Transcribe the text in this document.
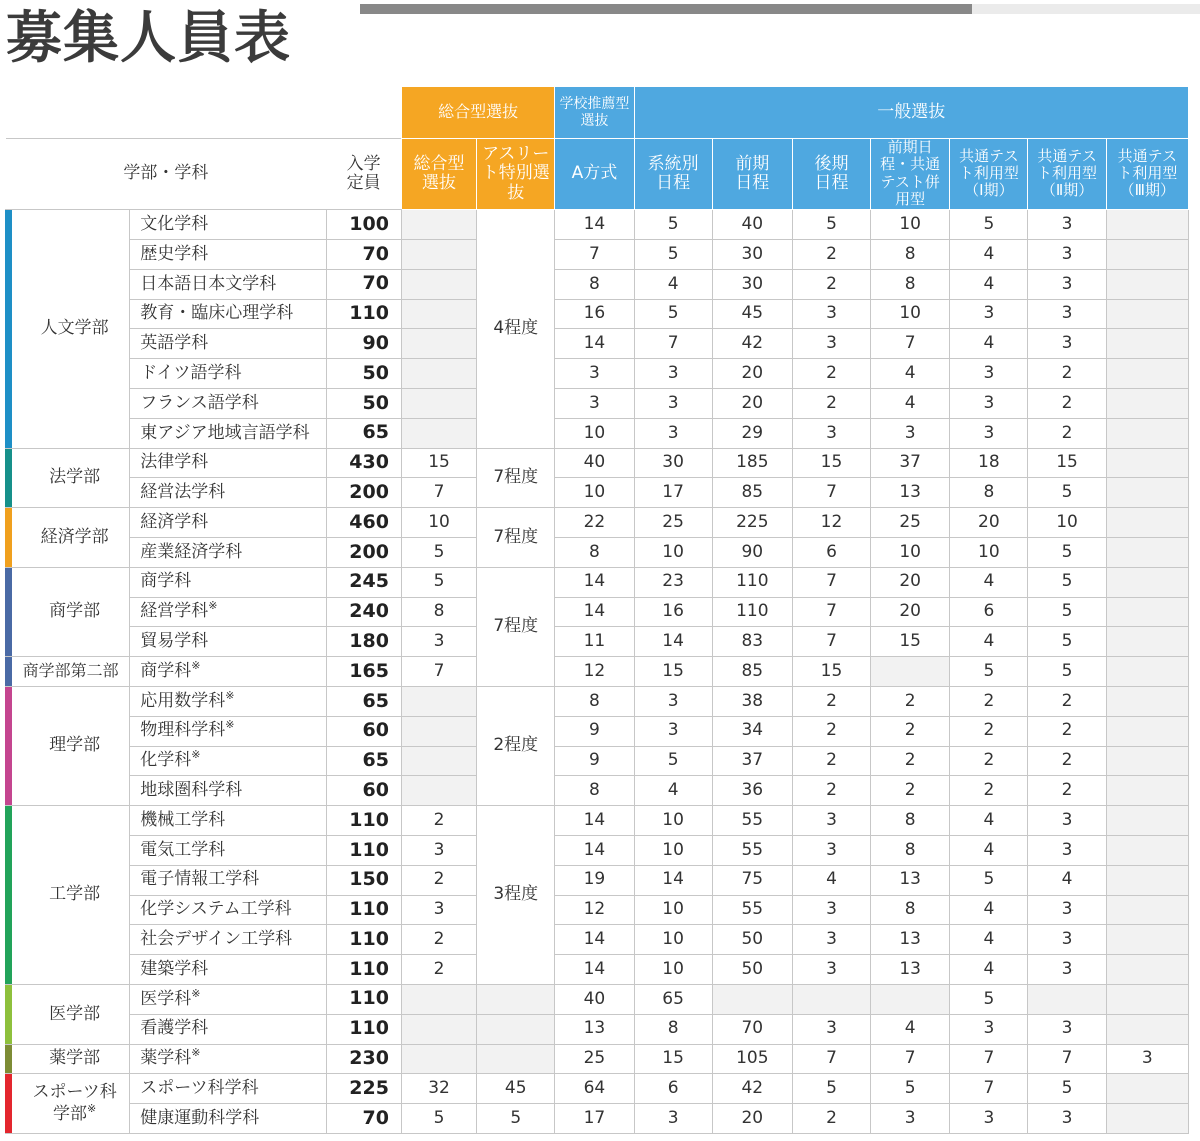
募集人員表
			総合型選抜		学校推薦型選抜	一般選抜						
学部・学科		入学定員	総合型選抜	アスリート特別選抜	A方式	系統別日程	前期日程	後期日程	前期日程・共通テスト併用型	共通テスト利用型（Ⅰ期）	共通テスト利用型（Ⅱ期）	共通テスト利用型（Ⅲ期）

人文学部	文化学科	100		4程度	14	5	40	5	10	5	3	
	歴史学科	70			7	5	30	2	8	4	3	
	日本語日本文学科	70			8	4	30	2	8	4	3	
	教育・臨床心理学科	110			16	5	45	3	10	3	3	
	英語学科	90			14	7	42	3	7	4	3	
	ドイツ語学科	50			3	3	20	2	4	3	2	
	フランス語学科	50			3	3	20	2	4	3	2	
	東アジア地域言語学科	65			10	3	29	3	3	3	2	

法学部	法律学科	430	15	7程度	40	30	185	15	37	18	15	
	経営法学科	200	7		10	17	85	7	13	8	5	

経済学部	経済学科	460	10	7程度	22	25	225	12	25	20	10	
	産業経済学科	200	5		8	10	90	6	10	10	5	

商学部	商学科	245	5	7程度	14	23	110	7	20	4	5	
	経営学科※	240	8		14	16	110	7	20	6	5	
	貿易学科	180	3		11	14	83	7	15	4	5	

商学部第二部	商学科※	165	7		12	15	85	15		5	5	

理学部	応用数学科※	65		2程度	8	3	38	2	2	2	2	
	物理科学科※	60			9	3	34	2	2	2	2	
	化学科※	65			9	5	37	2	2	2	2	
	地球圏科学科	60			8	4	36	2	2	2	2	

工学部	機械工学科	110	2	3程度	14	10	55	3	8	4	3	
	電気工学科	110	3		14	10	55	3	8	4	3	
	電子情報工学科	150	2		19	14	75	4	13	5	4	
	化学システム工学科	110	3		12	10	55	3	8	4	3	
	社会デザイン工学科	110	2		14	10	50	3	13	4	3	
	建築学科	110	2		14	10	50	3	13	4	3	

医学部	医学科※	110			40	65				5		
	看護学科	110			13	8	70	3	4	3	3	

薬学部	薬学科※	230			25	15	105	7	7	7	7	3

スポーツ科学部※	スポーツ科学科	225	32	45	64	6	42	5	5	7	5	
	健康運動科学科	70	5	5	17	3	20	2	3	3	3	
